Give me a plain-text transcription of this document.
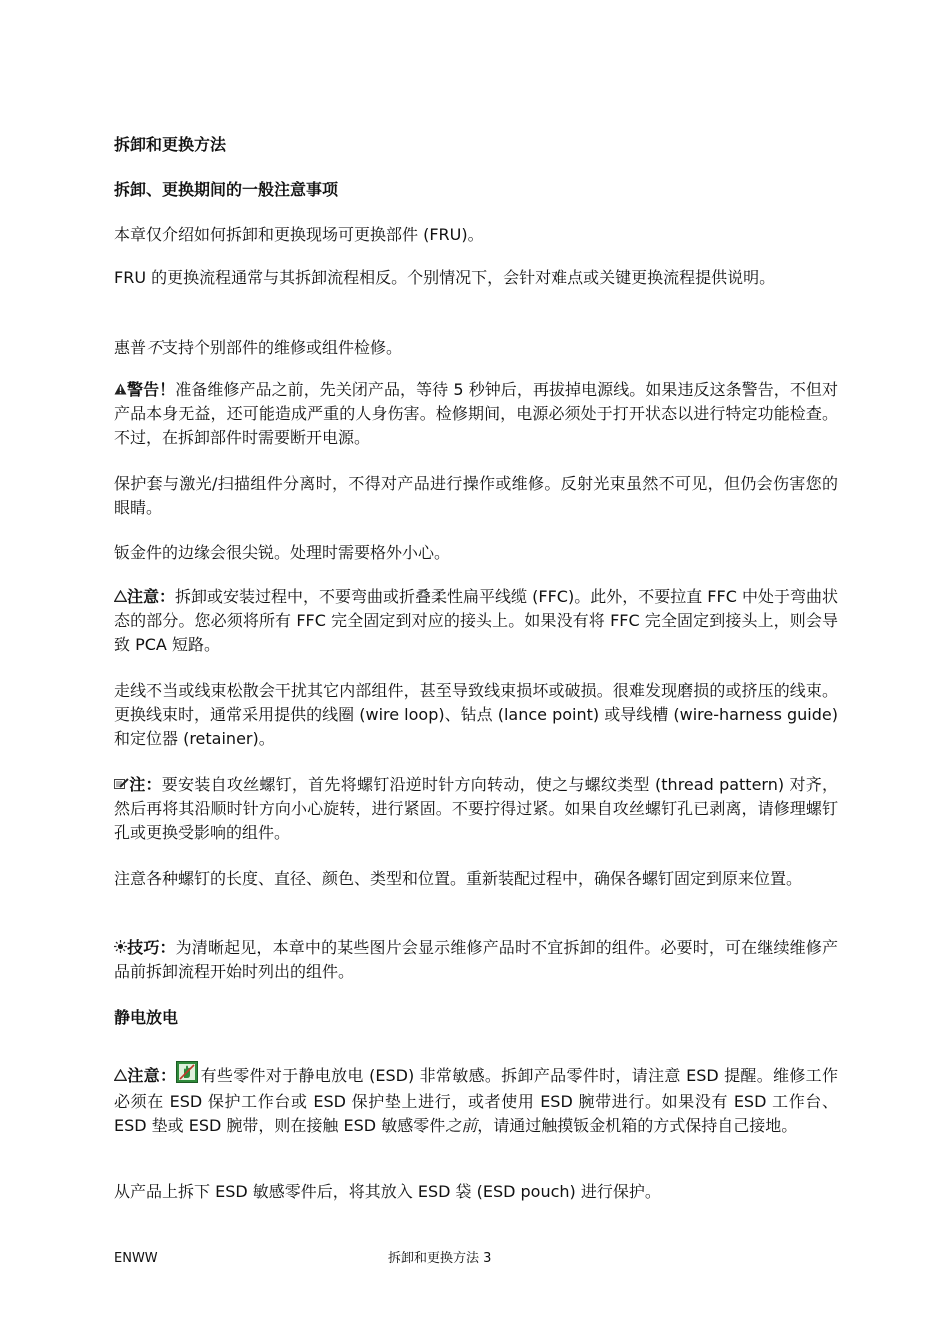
拆卸和更换方法
拆卸、更换期间的一般注意事项
本章仅介绍如何拆卸和更换现场可更换部件 (FRU)。
FRU 的更换流程通常与其拆卸流程相反。个别情况下，会针对难点或关键更换流程提供说明。
惠普不支持个别部件的维修或组件检修。
警告！准备维修产品之前，先关闭产品，等待 5 秒钟后，再拔掉电源线。如果违反这条警告，不但对产品本身无益，还可能造成严重的人身伤害。检修期间，电源必须处于打开状态以进行特定功能检查。不过，在拆卸部件时需要断开电源。
保护套与激光/扫描组件分离时，不得对产品进行操作或维修。反射光束虽然不可见，但仍会伤害您的眼睛。
钣金件的边缘会很尖锐。处理时需要格外小心。
注意：拆卸或安装过程中，不要弯曲或折叠柔性扁平线缆 (FFC)。此外，不要拉直 FFC 中处于弯曲状态的部分。您必须将所有 FFC 完全固定到对应的接头上。如果没有将 FFC 完全固定到接头上，则会导致 PCA 短路。
走线不当或线束松散会干扰其它内部组件，甚至导致线束损坏或破损。很难发现磨损的或挤压的线束。更换线束时，通常采用提供的线圈 (wire loop)、钻点 (lance point) 或导线槽 (wire-harness guide) 和定位器 (retainer)。
注：要安装自攻丝螺钉，首先将螺钉沿逆时针方向转动，使之与螺纹类型 (thread pattern) 对齐，然后再将其沿顺时针方向小心旋转，进行紧固。不要拧得过紧。如果自攻丝螺钉孔已剥离，请修理螺钉孔或更换受影响的组件。
注意各种螺钉的长度、直径、颜色、类型和位置。重新装配过程中，确保各螺钉固定到原来位置。
技巧：为清晰起见，本章中的某些图片会显示维修产品时不宜拆卸的组件。必要时，可在继续维修产品前拆卸流程开始时列出的组件。
静电放电
注意： 有些零件对于静电放电 (ESD) 非常敏感。拆卸产品零件时，请注意 ESD 提醒。维修工作必须在 ESD 保护工作台或 ESD 保护垫上进行，或者使用 ESD 腕带进行。如果没有 ESD 工作台、ESD 垫或 ESD 腕带，则在接触 ESD 敏感零件之前，请通过触摸钣金机箱的方式保持自己接地。
从产品上拆下 ESD 敏感零件后，将其放入 ESD 袋 (ESD pouch) 进行保护。
ENWW	拆卸和更换方法 3
